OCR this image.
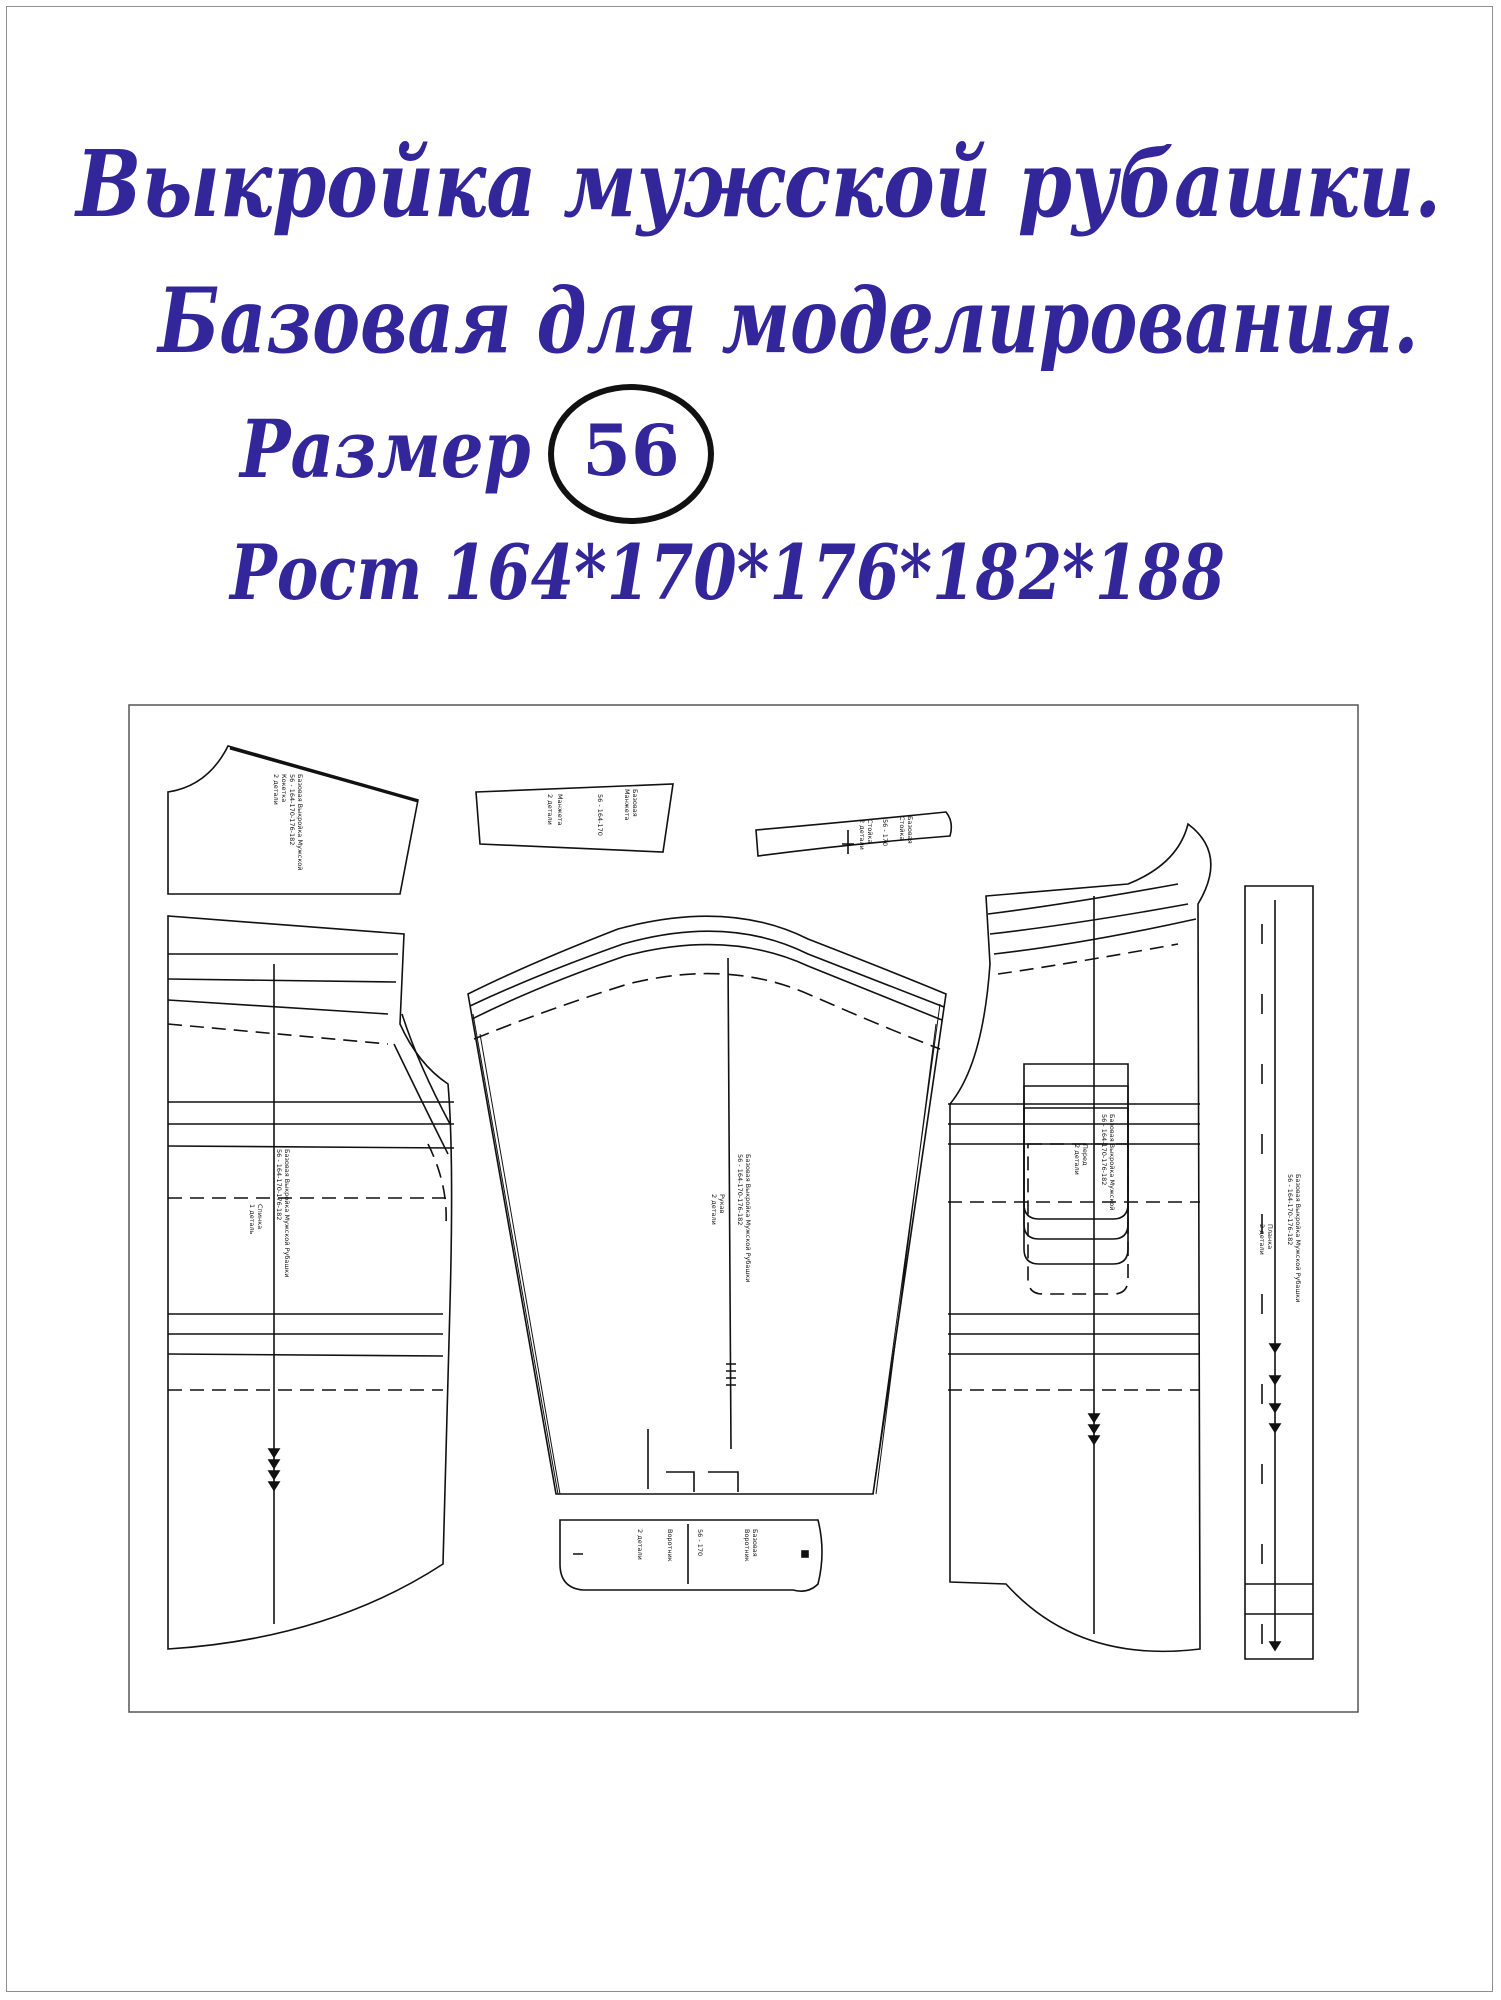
Выкройка мужской рубашки.
Базовая для моделирования.
Размер 56
Рост 164*170*176*182*188
Базовая Выкройка Мужской
56 - 164-170-176-182
Кокетка
2 детали	Базовая
Манжета
56 - 164-170
Манжета
2 детали
Базовая
Стойка
56 - 170
Стойка
2 детали
Базовая Выкройка Мужской Рубашки
56 - 164-170-176-182
Спинка
1 деталь	Базовая Выкройка Мужской Рубашки
56 - 164-170-176-182
Рукав
2 детали
Базовая
Воротник
56 - 170
Воротник
2 детали
Базовая Выкройка Мужской
56 - 164-170-176-182
Перед
2 детали
Базовая Выкройка Мужской Рубашки
56 - 164-170-176-182
Планка
2 детали
